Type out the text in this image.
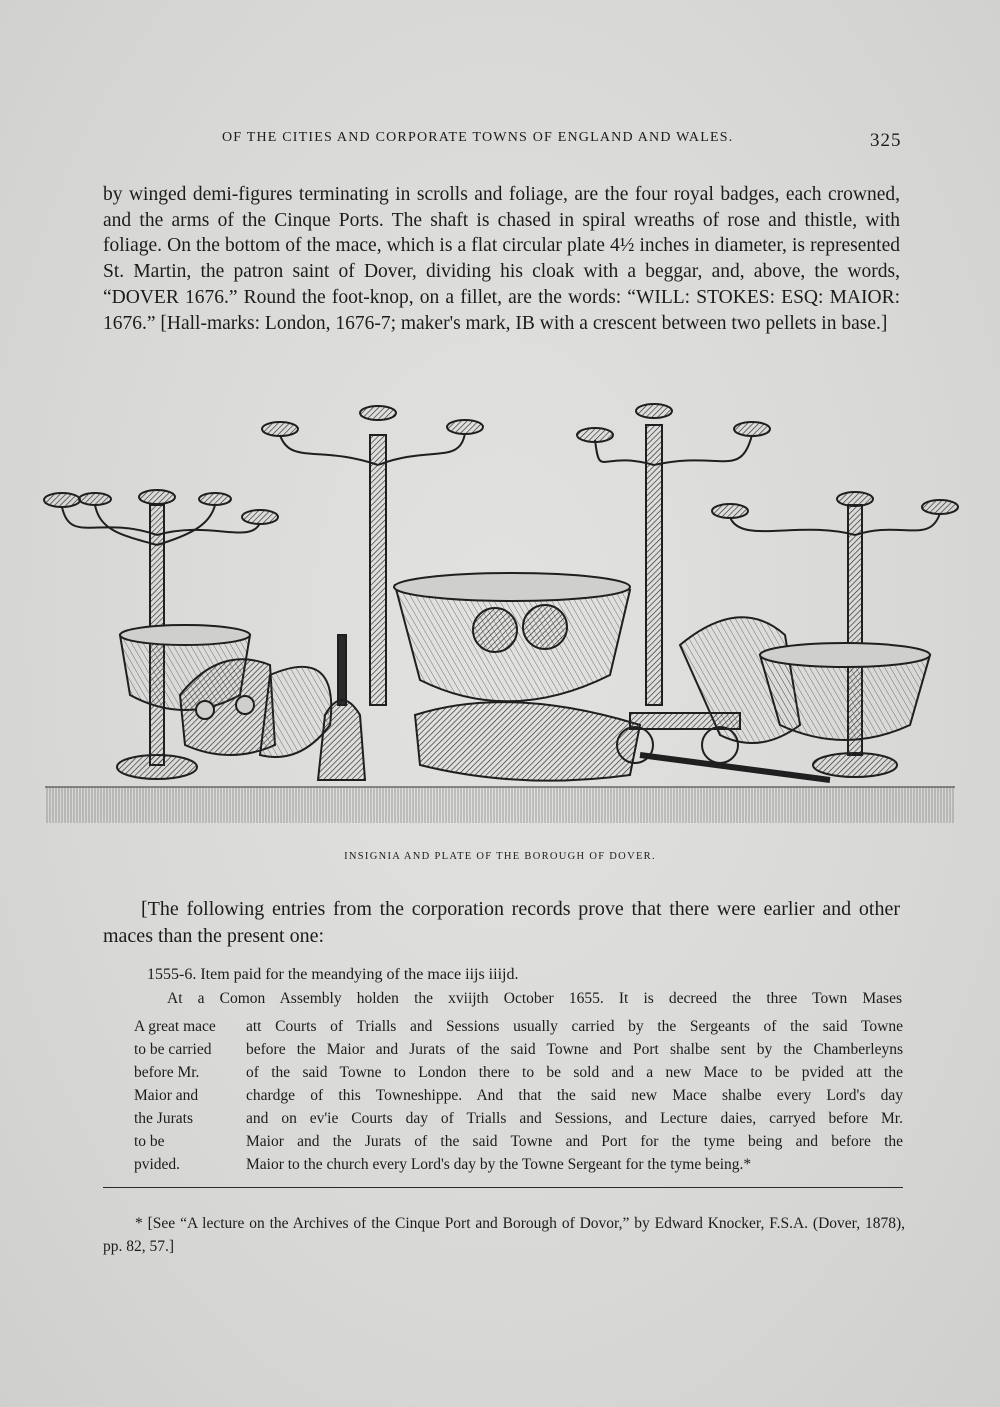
OF THE CITIES AND CORPORATE TOWNS OF ENGLAND AND WALES.	325

by winged demi-figures terminating in scrolls and foliage, are the four royal badges, each crowned, and the arms of the Cinque Ports. The shaft is chased in spiral wreaths of rose and thistle, with foliage. On the bottom of the mace, which is a flat circular plate 4½ inches in diameter, is represented St. Martin, the patron saint of Dover, dividing his cloak with a beggar, and, above, the words, “DOVER 1676.” Round the foot-knop, on a fillet, are the words: “WILL: STOKES: ESQ: MAIOR: 1676.” [Hall-marks: London, 1676-7; maker's mark, IB with a crescent between two pellets in base.]

INSIGNIA AND PLATE OF THE BOROUGH OF DOVER.

[The following entries from the corporation records prove that there were earlier and other maces than the present one:

1555-6. Item paid for the meandying of the mace iijs iiijd.
At a Comon Assembly holden the xviijth October 1655. It is decreed the three Town Mases
A great mace
to be carried
before Mr.
Maior and
the Jurats
to be
pvided.
att Courts of Trialls and Sessions usually carried by the Sergeants of the said Towne
before the Maior and Jurats of the said Towne and Port shalbe sent by the Chamberleyns
of the said Towne to London there to be sold and a new Mace to be pvided att the
chardge of this Towneshippe. And that the said new Mace shalbe every Lord's day
and on ev'ie Courts day of Trialls and Sessions, and Lecture daies, carryed before Mr.
Maior and the Jurats of the said Towne and Port for the tyme being and before the
Maior to the church every Lord's day by the Towne Sergeant for the tyme being.*
* [See “A lecture on the Archives of the Cinque Port and Borough of Dovor,” by Edward Knocker, F.S.A. (Dover, 1878), pp. 82, 57.]
